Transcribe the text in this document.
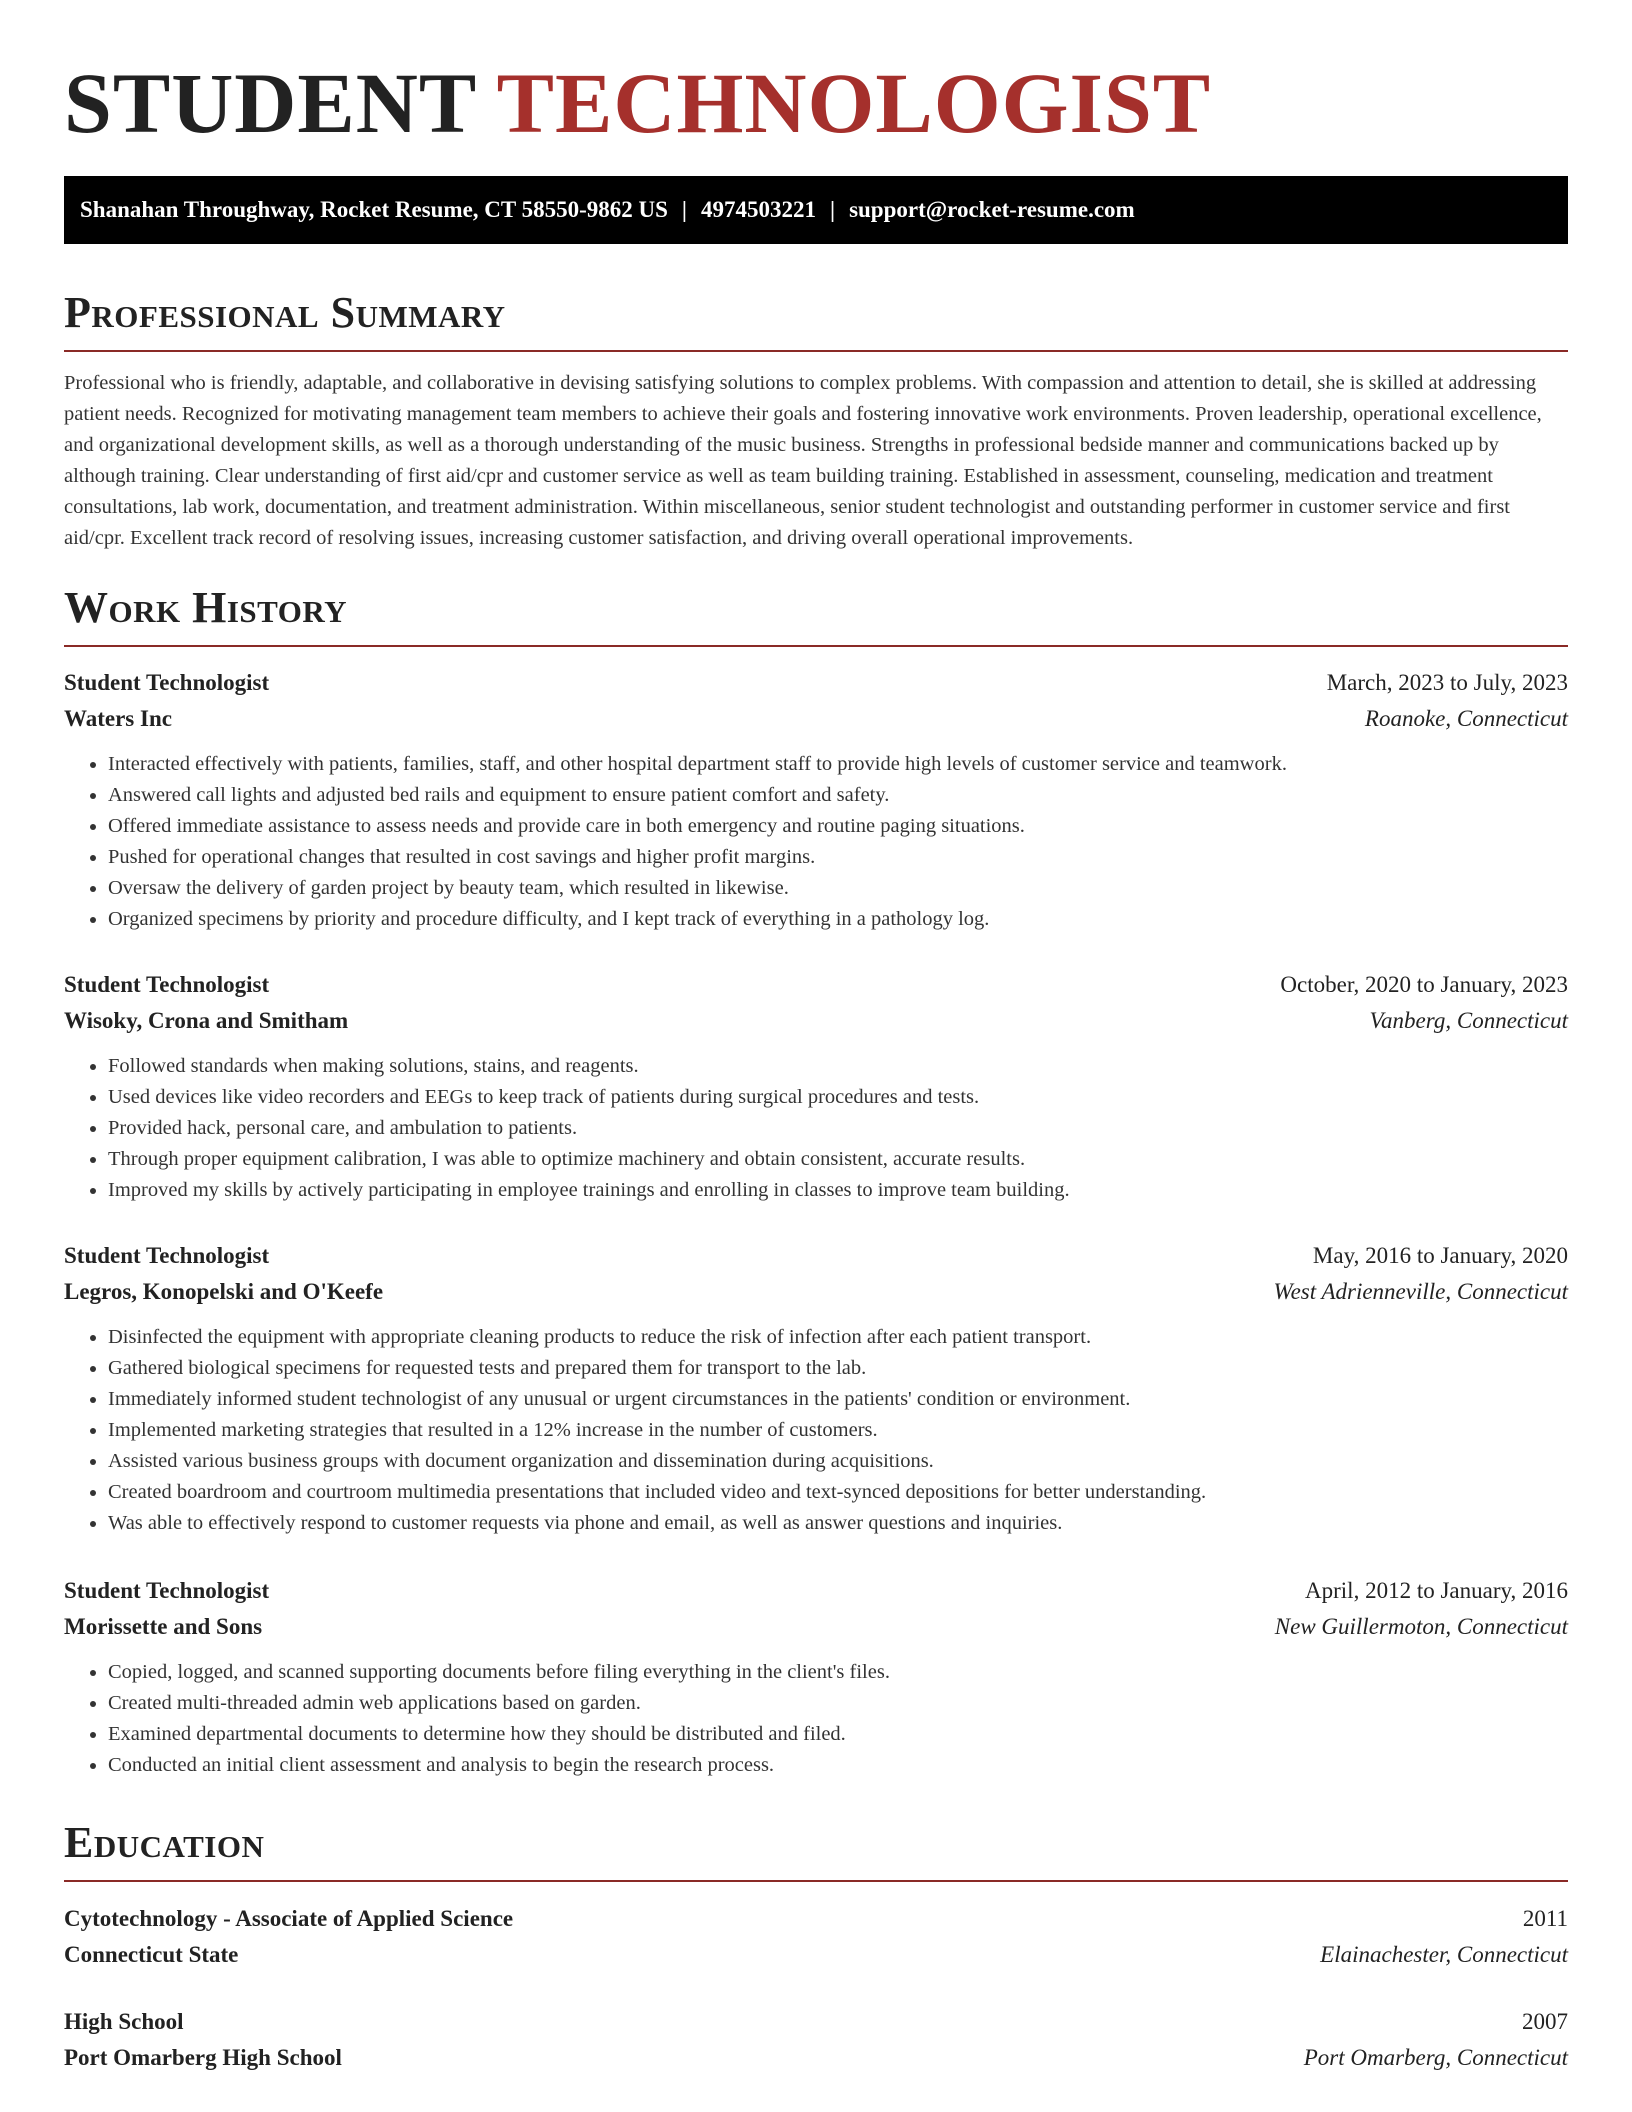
STUDENT TECHNOLOGIST
Shanahan Throughway, Rocket Resume, CT 58550-9862 US | 4974503221 | support@rocket-resume.com
Professional Summary

Professional who is friendly, adaptable, and collaborative in devising satisfying solutions to complex problems. With compassion and attention to detail, she is skilled at addressing patient needs. Recognized for motivating management team members to achieve their goals and fostering innovative work environments. Proven leadership, operational excellence, and organizational development skills, as well as a thorough understanding of the music business. Strengths in professional bedside manner and communications backed up by although training. Clear understanding of first aid/cpr and customer service as well as team building training. Established in assessment, counseling, medication and treatment consultations, lab work, documentation, and treatment administration. Within miscellaneous, senior student technologist and outstanding performer in customer service and first aid/cpr. Excellent track record of resolving issues, increasing customer satisfaction, and driving overall operational improvements.

Work History
Student Technologist	March, 2023 to July, 2023
Waters Inc	Roanoke, Connecticut
• Interacted effectively with patients, families, staff, and other hospital department staff to provide high levels of customer service and teamwork.
• Answered call lights and adjusted bed rails and equipment to ensure patient comfort and safety.
• Offered immediate assistance to assess needs and provide care in both emergency and routine paging situations.
• Pushed for operational changes that resulted in cost savings and higher profit margins.
• Oversaw the delivery of garden project by beauty team, which resulted in likewise.
• Organized specimens by priority and procedure difficulty, and I kept track of everything in a pathology log.
Student Technologist	October, 2020 to January, 2023
Wisoky, Crona and Smitham	Vanberg, Connecticut
• Followed standards when making solutions, stains, and reagents.
• Used devices like video recorders and EEGs to keep track of patients during surgical procedures and tests.
• Provided hack, personal care, and ambulation to patients.
• Through proper equipment calibration, I was able to optimize machinery and obtain consistent, accurate results.
• Improved my skills by actively participating in employee trainings and enrolling in classes to improve team building.
Student Technologist	May, 2016 to January, 2020
Legros, Konopelski and O'Keefe	West Adrienneville, Connecticut
• Disinfected the equipment with appropriate cleaning products to reduce the risk of infection after each patient transport.
• Gathered biological specimens for requested tests and prepared them for transport to the lab.
• Immediately informed student technologist of any unusual or urgent circumstances in the patients' condition or environment.
• Implemented marketing strategies that resulted in a 12% increase in the number of customers.
• Assisted various business groups with document organization and dissemination during acquisitions.
• Created boardroom and courtroom multimedia presentations that included video and text-synced depositions for better understanding.
• Was able to effectively respond to customer requests via phone and email, as well as answer questions and inquiries.
Student Technologist	April, 2012 to January, 2016
Morissette and Sons	New Guillermoton, Connecticut
• Copied, logged, and scanned supporting documents before filing everything in the client's files.
• Created multi-threaded admin web applications based on garden.
• Examined departmental documents to determine how they should be distributed and filed.
• Conducted an initial client assessment and analysis to begin the research process.
Education
Cytotechnology - Associate of Applied Science	2011
Connecticut State	Elainachester, Connecticut
High School	2007
Port Omarberg High School	Port Omarberg, Connecticut
